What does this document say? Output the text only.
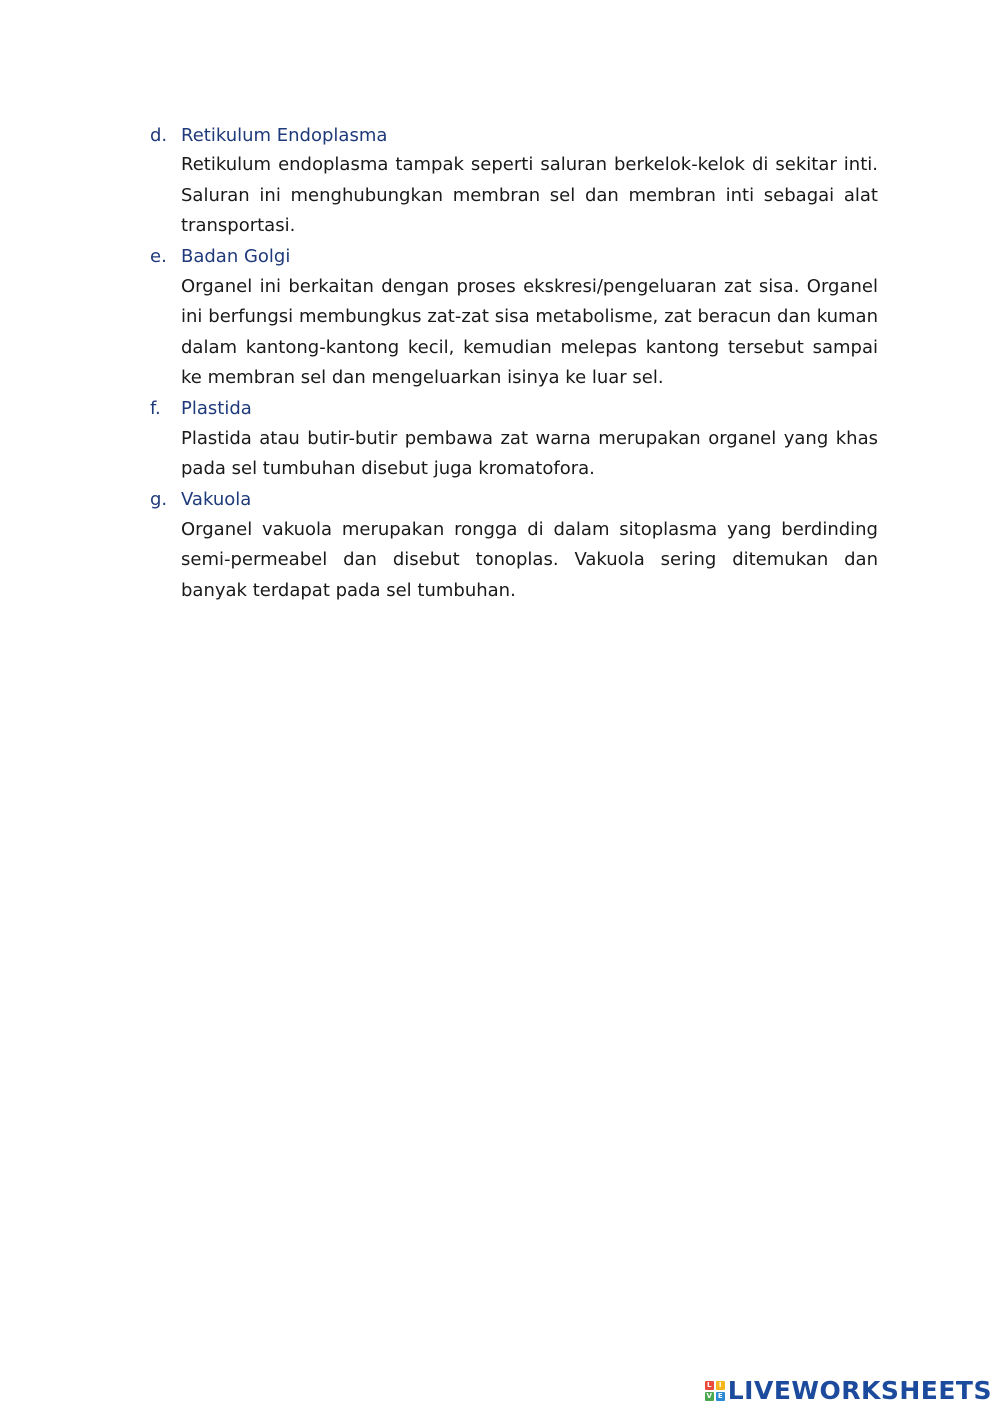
d. Retikulum Endoplasma

Retikulum endoplasma tampak seperti saluran berkelok-kelok di sekitar inti. Saluran ini menghubungkan membran sel dan membran inti sebagai alat transportasi.

e. Badan Golgi

Organel ini berkaitan dengan proses ekskresi/pengeluaran zat sisa. Organel ini berfungsi membungkus zat-zat sisa metabolisme, zat beracun dan kuman dalam kantong-kantong kecil, kemudian melepas kantong tersebut sampai ke membran sel dan mengeluarkan isinya ke luar sel.

f.	Plastida

Plastida atau butir-butir pembawa zat warna merupakan organel yang khas pada sel tumbuhan disebut juga kromatofora.

g. Vakuola

Organel vakuola merupakan rongga di dalam sitoplasma yang berdinding semi-permeabel dan disebut tonoplas. Vakuola sering ditemukan dan banyak terdapat pada sel tumbuhan.

L	I
V E LIVEWORKSHEETS
